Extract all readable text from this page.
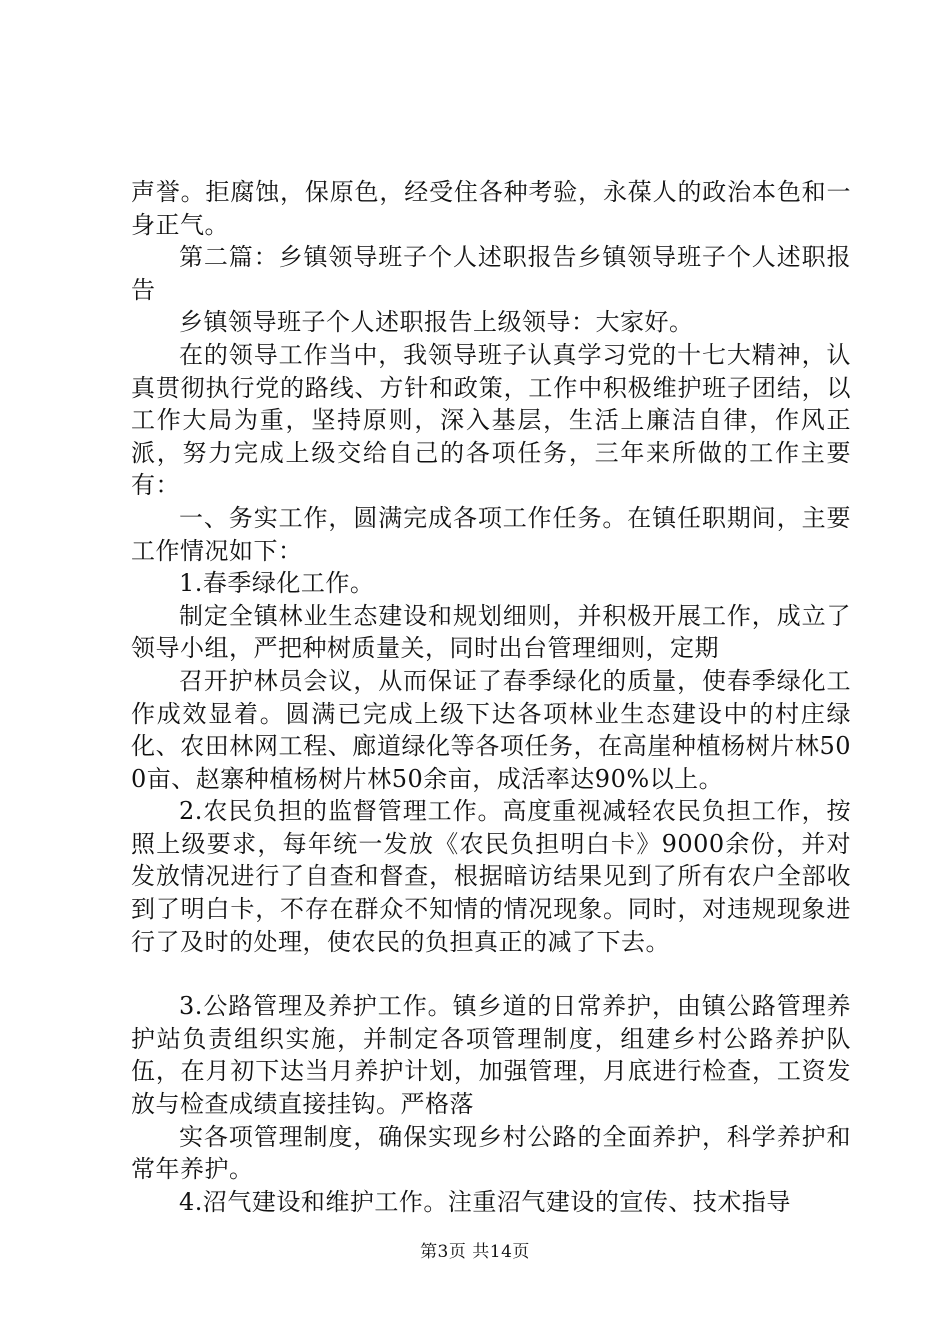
声誉。拒腐蚀，保原色，经受住各种考验，永葆人的政治本色和一身正气。

第二篇：乡镇领导班子个人述职报告乡镇领导班子个人述职报告

乡镇领导班子个人述职报告上级领导：大家好。

在的领导工作当中，我领导班子认真学习党的十七大精神，认真贯彻执行党的路线、方针和政策，工作中积极维护班子团结，以工作大局为重，坚持原则，深入基层，生活上廉洁自律，作风正派，努力完成上级交给自己的各项任务，三年来所做的工作主要有：

一、务实工作，圆满完成各项工作任务。在镇任职期间，主要工作情况如下：

1.春季绿化工作。

制定全镇林业生态建设和规划细则，并积极开展工作，成立了领导小组，严把种树质量关，同时出台管理细则，定期

召开护林员会议，从而保证了春季绿化的质量，使春季绿化工作成效显着。圆满已完成上级下达各项林业生态建设中的村庄绿化、农田林网工程、廊道绿化等各项任务，在高崖种植杨树片林500亩、赵寨种植杨树片林50余亩，成活率达90%以上。

2.农民负担的监督管理工作。高度重视减轻农民负担工作，按照上级要求，每年统一发放《农民负担明白卡》9000余份，并对发放情况进行了自查和督查，根据暗访结果见到了所有农户全部收到了明白卡，不存在群众不知情的情况现象。同时，对违规现象进行了及时的处理，使农民的负担真正的减了下去。

3.公路管理及养护工作。镇乡道的日常养护，由镇公路管理养护站负责组织实施，并制定各项管理制度，组建乡村公路养护队伍，在月初下达当月养护计划，加强管理，月底进行检查，工资发放与检查成绩直接挂钩。严格落

实各项管理制度，确保实现乡村公路的全面养护，科学养护和常年养护。

4.沼气建设和维护工作。注重沼气建设的宣传、技术指导

第3页 共14页
